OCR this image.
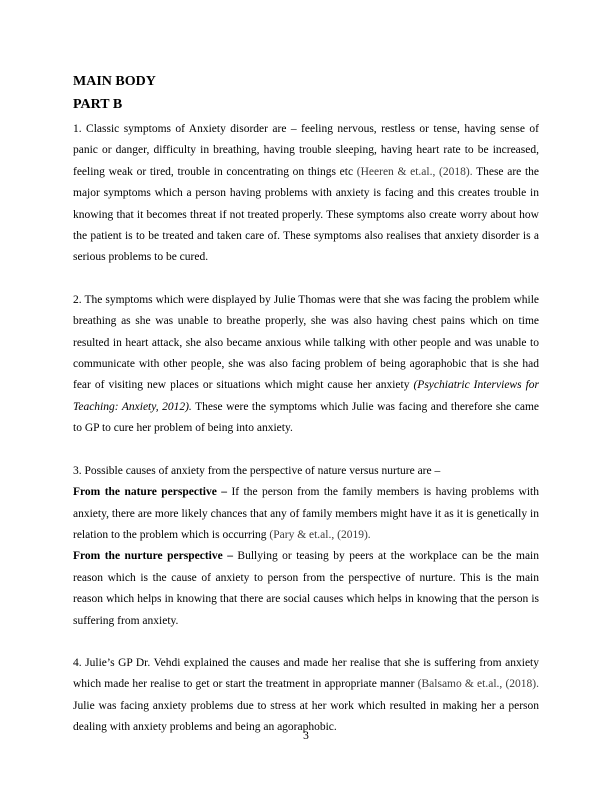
MAIN BODY

PART B

1. Classic symptoms of Anxiety disorder are – feeling nervous, restless or tense, having sense of panic or danger, difficulty in breathing, having trouble sleeping, having heart rate to be increased, feeling weak or tired, trouble in concentrating on things etc (Heeren & et.al., (2018). These are the major symptoms which a person having problems with anxiety is facing and this creates trouble in knowing that it becomes threat if not treated properly. These symptoms also create worry about how the patient is to be treated and taken care of. These symptoms also realises that anxiety disorder is a serious problems to be cured.

2. The symptoms which were displayed by Julie Thomas were that she was facing the problem while breathing as she was unable to breathe properly, she was also having chest pains which on time resulted in heart attack, she also became anxious while talking with other people and was unable to communicate with other people, she was also facing problem of being agoraphobic that is she had fear of visiting new places or situations which might cause her anxiety (Psychiatric Interviews for Teaching: Anxiety, 2012). These were the symptoms which Julie was facing and therefore she came to GP to cure her problem of being into anxiety.

3. Possible causes of anxiety from the perspective of nature versus nurture are –

From the nature perspective – If the person from the family members is having problems with anxiety, there are more likely chances that any of family members might have it as it is genetically in relation to the problem which is occurring (Pary & et.al., (2019).

From the nurture perspective – Bullying or teasing by peers at the workplace can be the main reason which is the cause of anxiety to person from the perspective of nurture. This is the main reason which helps in knowing that there are social causes which helps in knowing that the person is suffering from anxiety.

4. Julie’s GP Dr. Vehdi explained the causes and made her realise that she is suffering from anxiety which made her realise to get or start the treatment in appropriate manner (Balsamo & et.al., (2018). Julie was facing anxiety problems due to stress at her work which resulted in making her a person dealing with anxiety problems and being an agoraphobic.

3
